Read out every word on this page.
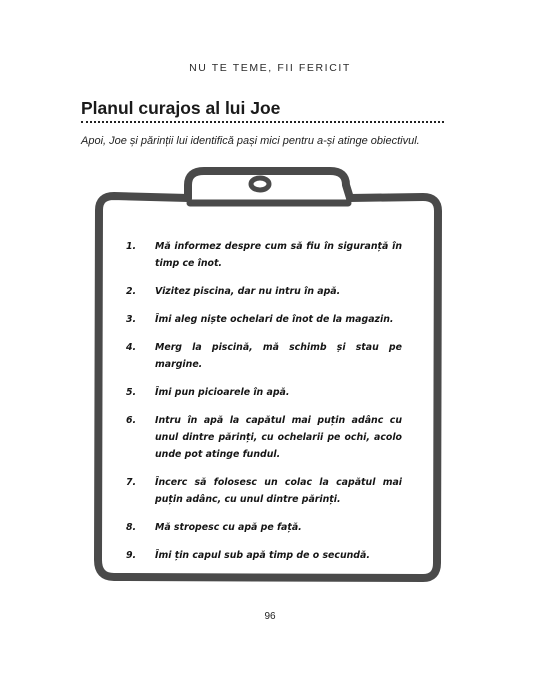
NU TE TEME, FII FERICIT
Planul curajos al lui Joe
Apoi, Joe și părinții lui identifică pași mici pentru a-și atinge obiectivul.
1. Mă informez despre cum să fiu în siguranță în timp ce înot.
2. Vizitez piscina, dar nu intru în apă.
3. Îmi aleg niște ochelari de înot de la magazin.
4. Merg la piscină, mă schimb și stau pe margine.
5. Îmi pun picioarele în apă.
6. Intru în apă la capătul mai puțin adânc cu unul dintre părinți, cu ochelarii pe ochi, acolo unde pot atinge fundul.
7. Încerc să folosesc un colac la capătul mai puțin adânc, cu unul dintre părinți.
8. Mă stropesc cu apă pe față.
9. Îmi țin capul sub apă timp de o secundă.
96
